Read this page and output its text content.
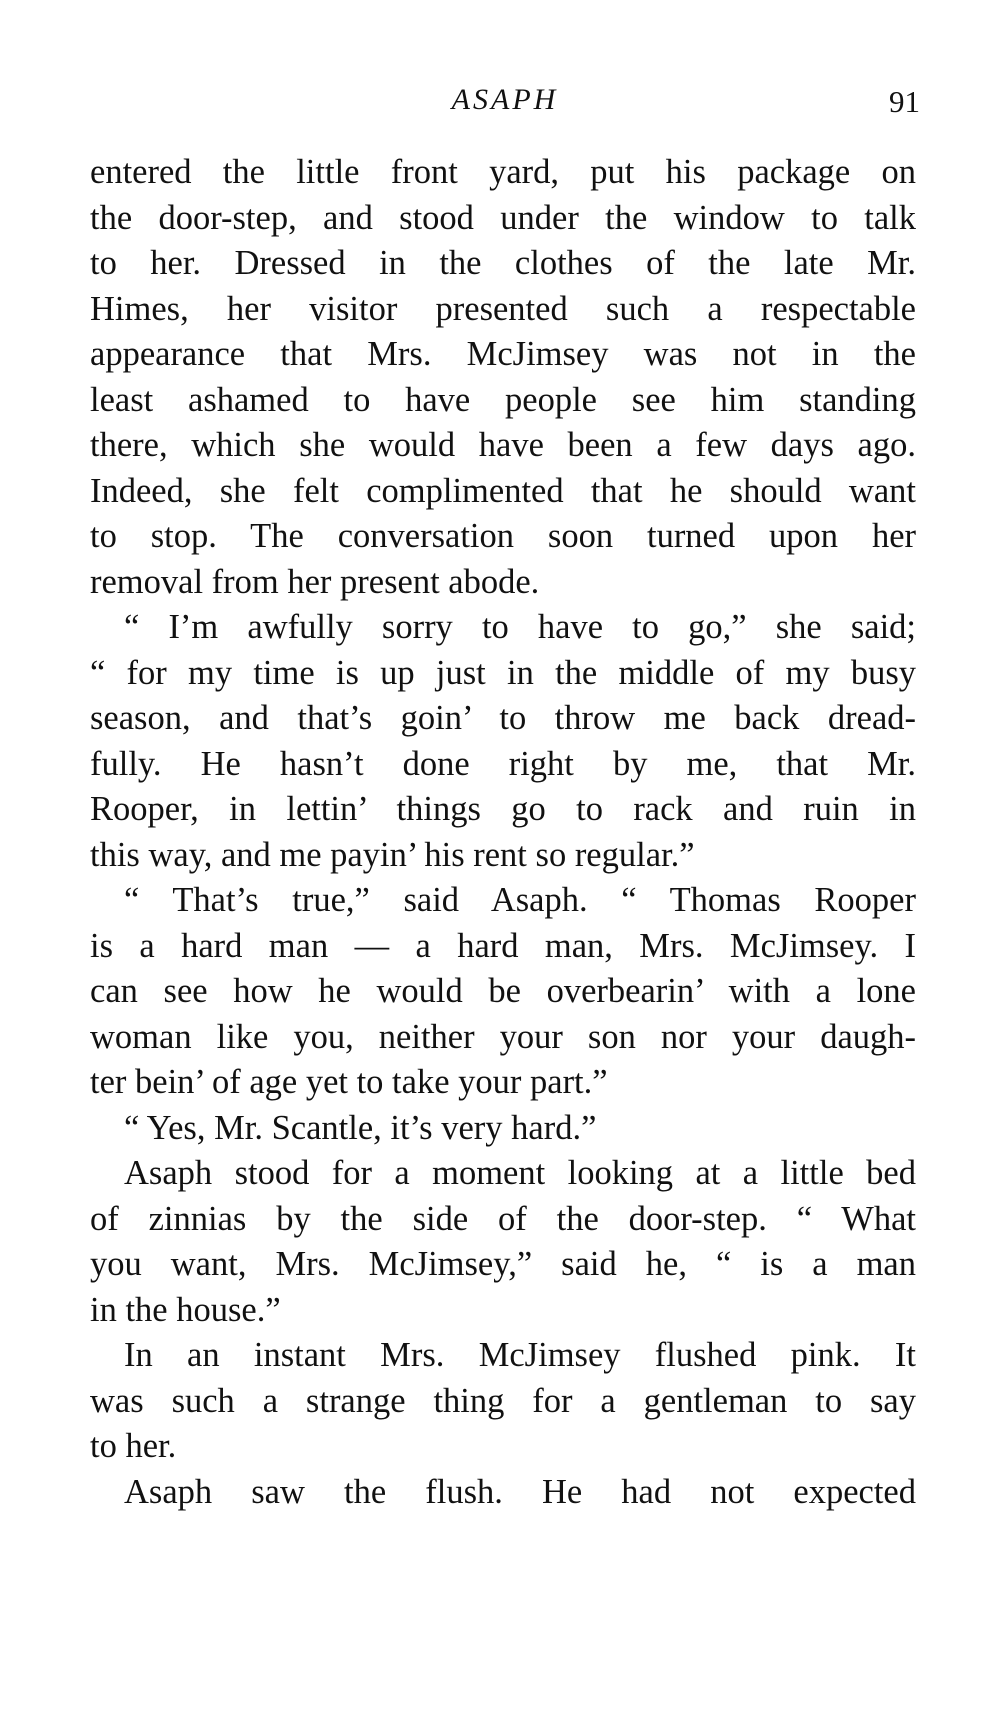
ASAPH	91
entered the little front yard, put his package on
the door-step, and stood under the window to talk
to her. Dressed in the clothes of the late Mr.
Himes, her visitor presented such a respectable
appearance that Mrs. McJimsey was not in the
least ashamed to have people see him standing
there, which she would have been a few days ago.
Indeed, she felt complimented that he should want
to stop. The conversation soon turned upon her
removal from her present abode.
“ I’m awfully sorry to have to go,” she said;
“ for my time is up just in the middle of my busy
season, and that’s goin’ to throw me back dread-
fully. He hasn’t done right by me, that Mr.
Rooper, in lettin’ things go to rack and ruin in
this way, and me payin’ his rent so regular.”
“ That’s true,” said Asaph. “ Thomas Rooper
is a hard man — a hard man, Mrs. McJimsey. I
can see how he would be overbearin’ with a lone
woman like you, neither your son nor your daugh-
ter bein’ of age yet to take your part.”
“ Yes, Mr. Scantle, it’s very hard.”
Asaph stood for a moment looking at a little bed
of zinnias by the side of the door-step. “ What
you want, Mrs. McJimsey,” said he, “ is a man
in the house.”
In an instant Mrs. McJimsey flushed pink. It
was such a strange thing for a gentleman to say
to her.
Asaph saw the flush. He had not expected
